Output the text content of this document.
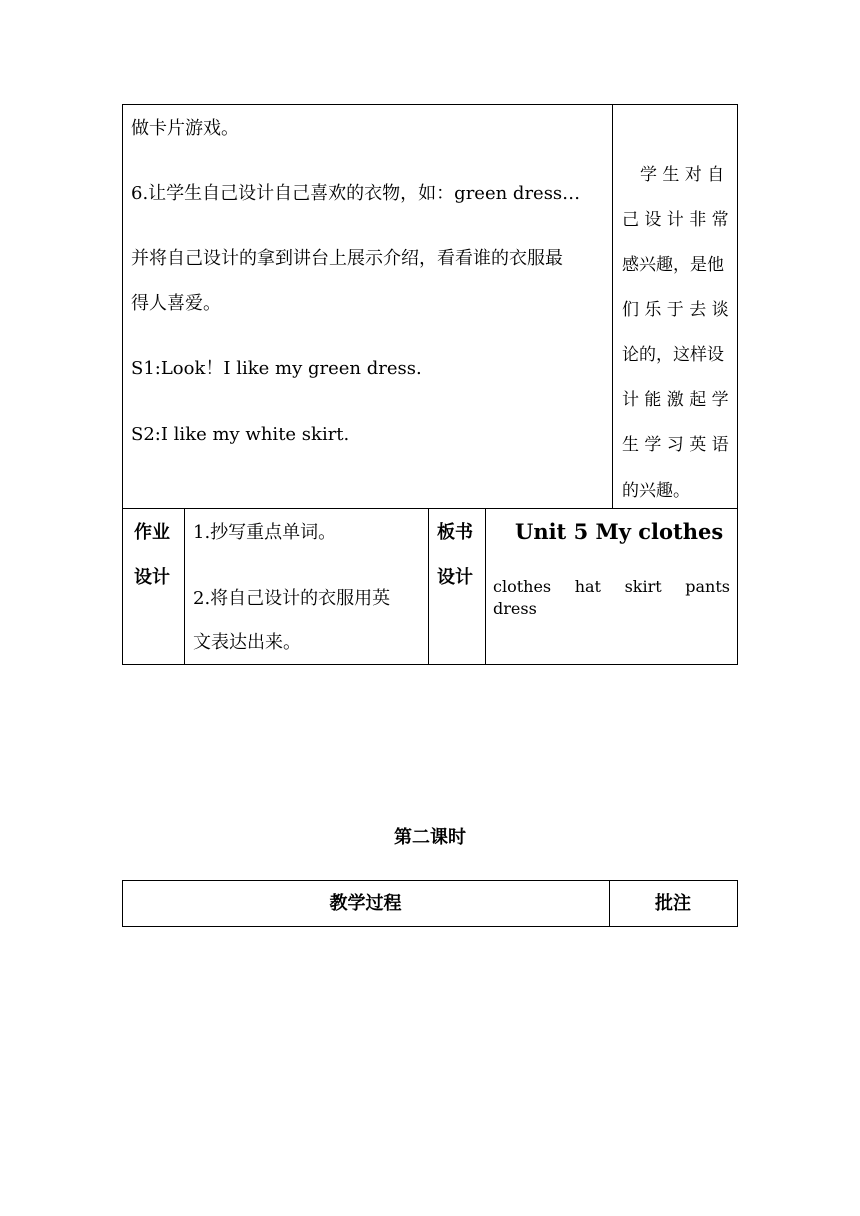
做卡片游戏。
6.让学生自己设计自己喜欢的衣物，如：green dress…
并将自己设计的拿到讲台上展示介绍，看看谁的衣服最
得人喜爱。
S1:Look！I like my green dress.
S2:I like my white skirt.
学 生 对 自
己 设 计 非 常
感兴趣，是他
们 乐 于 去 谈
论的，这样设
计 能 激 起 学
生 学 习 英 语
的兴趣。
作业
设计
1.抄写重点单词。
2.将自己设计的衣服用英
文表达出来。
板书
设计
Unit 5 My clothes
clothes hat skirt pants
dress
第二课时
教学过程	批注
